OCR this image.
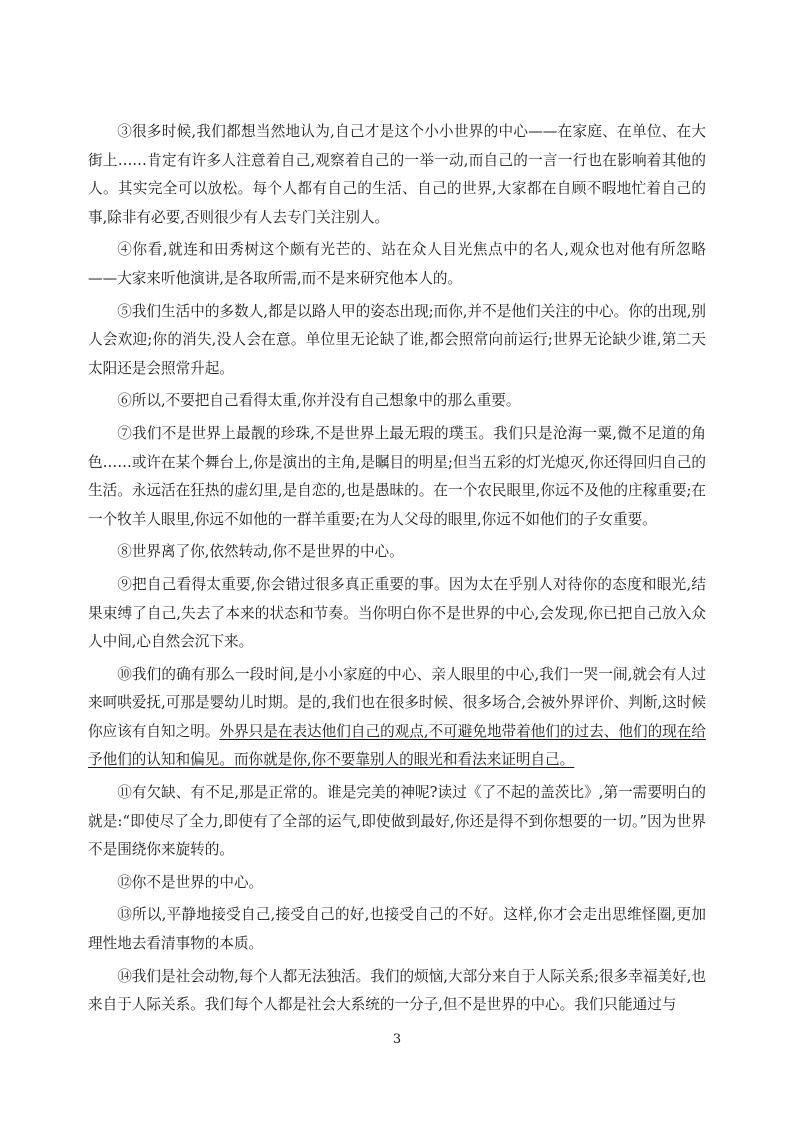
③很多时候,我们都想当然地认为,自己才是这个小小世界的中心——在家庭、在单位、在大街上……肯定有许多人注意着自己,观察着自己的一举一动,而自己的一言一行也在影响着其他的人。其实完全可以放松。每个人都有自己的生活、自己的世界,大家都在自顾不暇地忙着自己的事,除非有必要,否则很少有人去专门关注别人。

④你看,就连和田秀树这个颇有光芒的、站在众人目光焦点中的名人,观众也对他有所忽略——大家来听他演讲,是各取所需,而不是来研究他本人的。

⑤我们生活中的多数人,都是以路人甲的姿态出现;而你,并不是他们关注的中心。你的出现,别人会欢迎;你的消失,没人会在意。单位里无论缺了谁,都会照常向前运行;世界无论缺少谁,第二天太阳还是会照常升起。

⑥所以,不要把自己看得太重,你并没有自己想象中的那么重要。

⑦我们不是世界上最靓的珍珠,不是世界上最无瑕的璞玉。我们只是沧海一粟,微不足道的角色……或许在某个舞台上,你是演出的主角,是瞩目的明星;但当五彩的灯光熄灭,你还得回归自己的生活。永远活在狂热的虚幻里,是自恋的,也是愚昧的。在一个农民眼里,你远不及他的庄稼重要;在一个牧羊人眼里,你远不如他的一群羊重要;在为人父母的眼里,你远不如他们的子女重要。

⑧世界离了你,依然转动,你不是世界的中心。

⑨把自己看得太重要,你会错过很多真正重要的事。因为太在乎别人对待你的态度和眼光,结果束缚了自己,失去了本来的状态和节奏。当你明白你不是世界的中心,会发现,你已把自己放入众人中间,心自然会沉下来。

⑩我们的确有那么一段时间,是小小家庭的中心、亲人眼里的中心,我们一哭一闹,就会有人过来呵哄爱抚,可那是婴幼儿时期。是的,我们也在很多时候、很多场合,会被外界评价、判断,这时候你应该有自知之明。外界只是在表达他们自己的观点,不可避免地带着他们的过去、他们的现在给予他们的认知和偏见。而你就是你,你不要靠别人的眼光和看法来证明自己。

⑪有欠缺、有不足,那是正常的。谁是完美的神呢?读过《了不起的盖茨比》,第一需要明白的就是:“即使尽了全力,即使有了全部的运气,即使做到最好,你还是得不到你想要的一切。”因为世界不是围绕你来旋转的。

⑫你不是世界的中心。

⑬所以,平静地接受自己,接受自己的好,也接受自己的不好。这样,你才会走出思维怪圈,更加理性地去看清事物的本质。

⑭我们是社会动物,每个人都无法独活。我们的烦恼,大部分来自于人际关系;很多幸福美好,也来自于人际关系。我们每个人都是社会大系统的一分子,但不是世界的中心。我们只能通过与

3
